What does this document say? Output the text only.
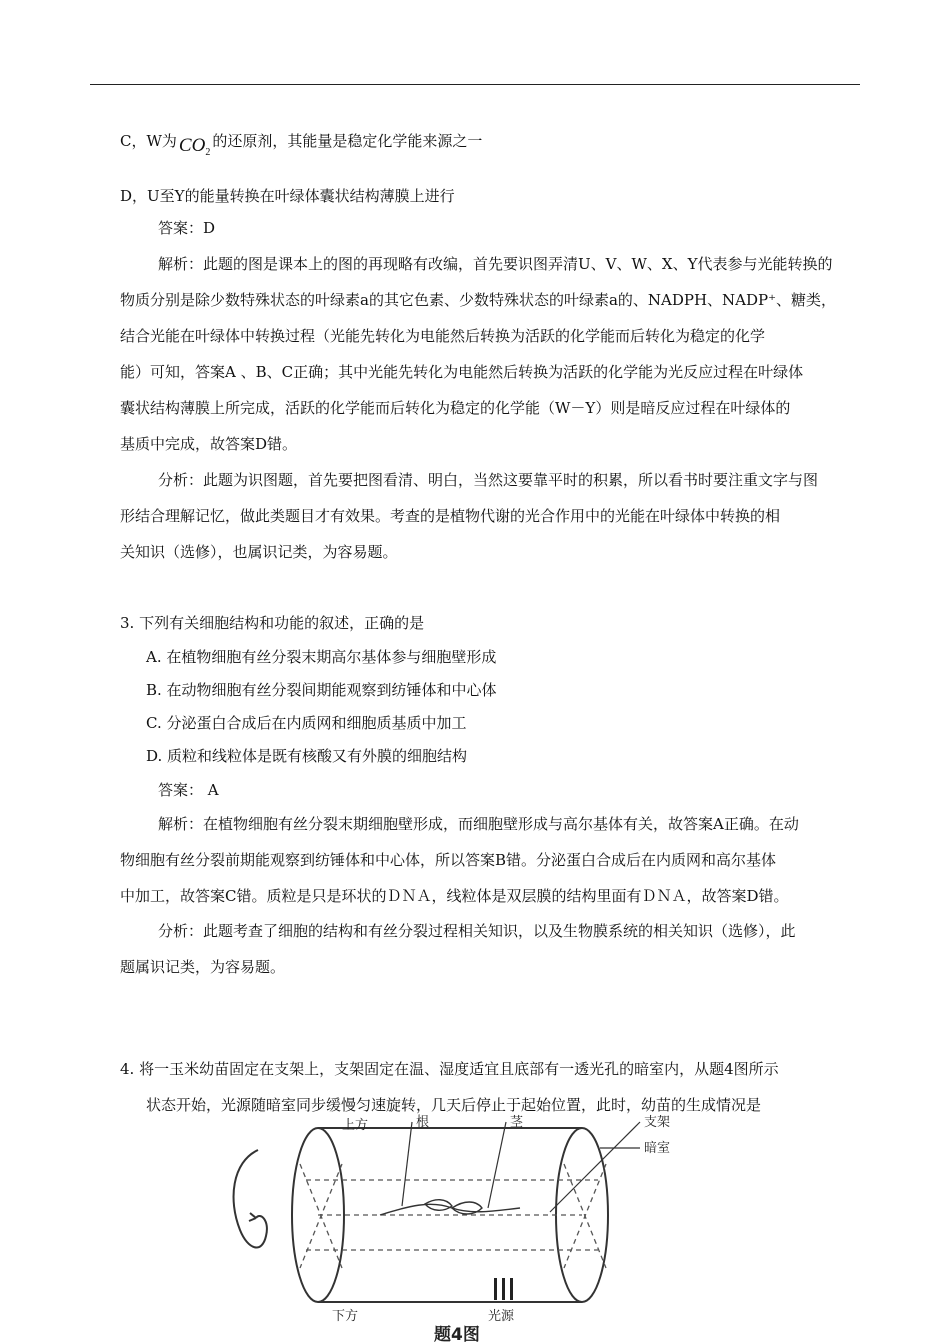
C，W为 $CO_2$的还原剂，其能量是稳定化学能来源之一
D，U至Y的能量转换在叶绿体囊状结构薄膜上进行
答案：D
解析：此题的图是课本上的图的再现略有改编，首先要识图弄清U、V、W、X、Y代表参与光能转换的
物质分别是除少数特殊状态的叶绿素a的其它色素、少数特殊状态的叶绿素a的、NADPH、NADP⁺、糖类，
结合光能在叶绿体中转换过程（光能先转化为电能然后转换为活跃的化学能而后转化为稳定的化学
能）可知，答案A 、B、C正确；其中光能先转化为电能然后转换为活跃的化学能为光反应过程在叶绿体
囊状结构薄膜上所完成，活跃的化学能而后转化为稳定的化学能（W－Y）则是暗反应过程在叶绿体的
基质中完成，故答案D错。
分析：此题为识图题，首先要把图看清、明白，当然这要靠平时的积累，所以看书时要注重文字与图
形结合理解记忆，做此类题目才有效果。考查的是植物代谢的光合作用中的光能在叶绿体中转换的相
关知识（选修），也属识记类，为容易题。
3. 下列有关细胞结构和功能的叙述，正确的是
A. 在植物细胞有丝分裂末期高尔基体参与细胞壁形成
B. 在动物细胞有丝分裂间期能观察到纺锤体和中心体
C. 分泌蛋白合成后在内质网和细胞质基质中加工
D. 质粒和线粒体是既有核酸又有外膜的细胞结构
答案： A
解析：在植物细胞有丝分裂末期细胞壁形成，而细胞壁形成与高尔基体有关，故答案A正确。在动
物细胞有丝分裂前期能观察到纺锤体和中心体，所以答案B错。分泌蛋白合成后在内质网和高尔基体
中加工，故答案C错。质粒是只是环状的ＤＮＡ，线粒体是双层膜的结构里面有ＤＮＡ，故答案D错。
分析：此题考查了细胞的结构和有丝分裂过程相关知识，以及生物膜系统的相关知识（选修），此
题属识记类，为容易题。
4. 将一玉米幼苗固定在支架上，支架固定在温、湿度适宜且底部有一透光孔的暗室内，从题4图所示
状态开始，光源随暗室同步缓慢匀速旋转，几天后停止于起始位置，此时，幼苗的生成情况是
上方	根	茎	支架
暗室
下方	光源
题4图
